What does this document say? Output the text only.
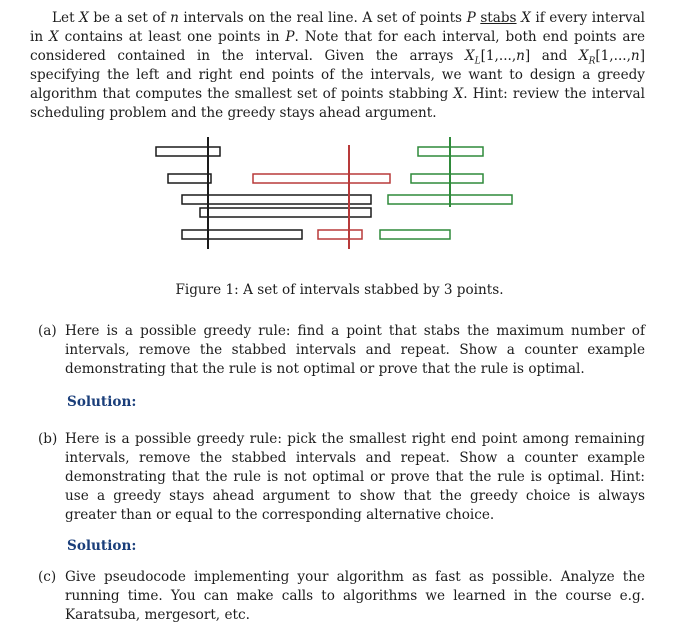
Let X be a set of n intervals on the real line. A set of points P stabs X if every interval in X contains at least one points in P. Note that for each interval, both end points are considered contained in the interval. Given the arrays $X_L[1,...,n]$ and $X_R[1,...,n]$ specifying the left and right end points of the intervals, we want to design a greedy algorithm that computes the smallest set of points stabbing X. Hint: review the interval scheduling problem and the greedy stays ahead argument.
Figure 1: A set of intervals stabbed by 3 points.
(a) Here is a possible greedy rule: find a point that stabs the maximum number of intervals, remove the stabbed intervals and repeat. Show a counter example demonstrating that the rule is not optimal or prove that the rule is optimal.
Solution:
(b) Here is a possible greedy rule: pick the smallest right end point among remaining intervals, remove the stabbed intervals and repeat. Show a counter example demonstrating that the rule is not optimal or prove that the rule is optimal. Hint: use a greedy stays ahead argument to show that the greedy choice is always greater than or equal to the corresponding alternative choice.
Solution:
(c) Give pseudocode implementing your algorithm as fast as possible. Analyze the running time. You can make calls to algorithms we learned in the course e.g. Karatsuba, mergesort, etc.
